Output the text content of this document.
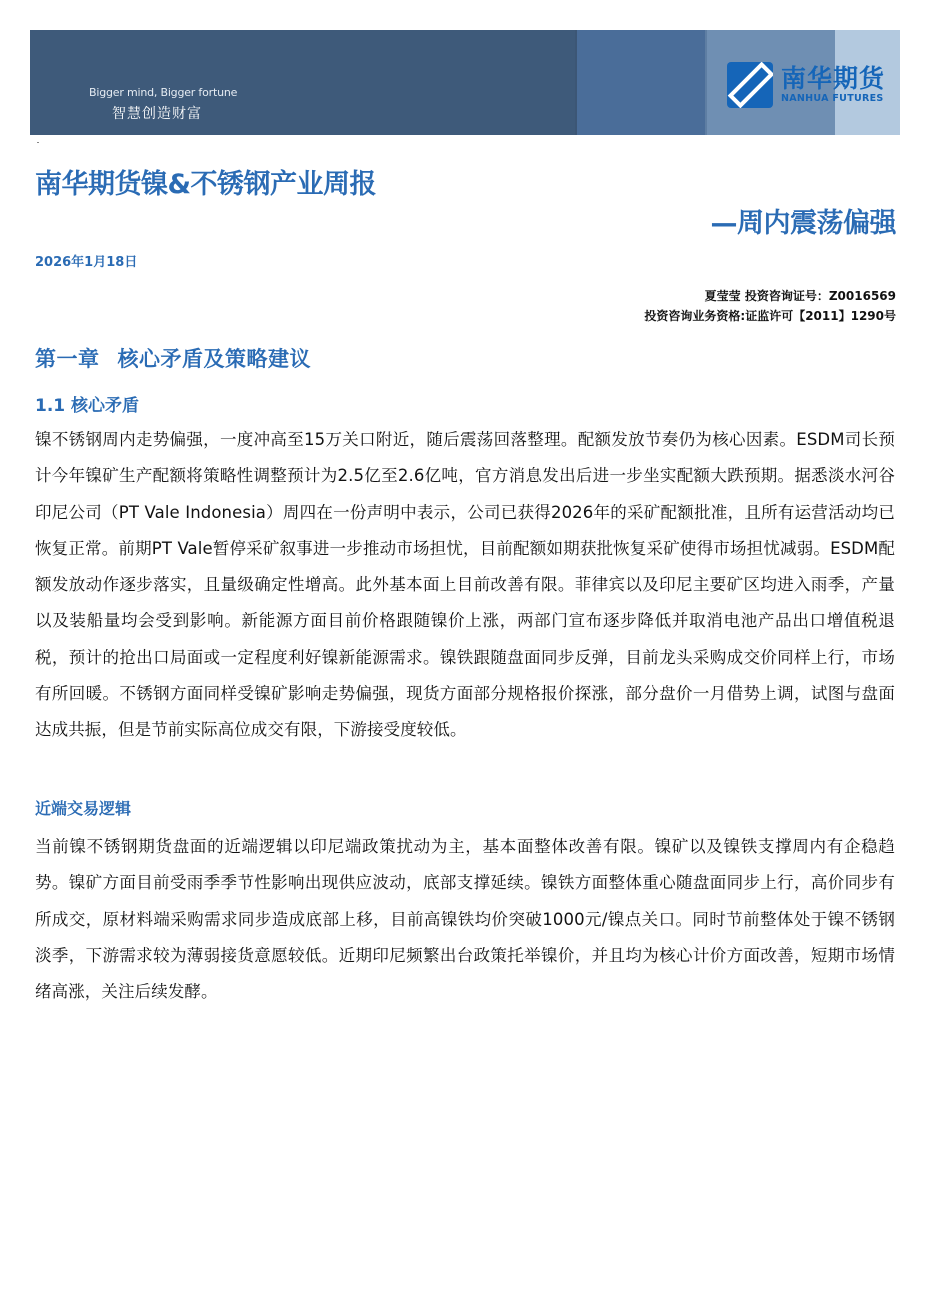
Bigger mind, Bigger fortune
智慧创造财富
南华期货
NANHUA FUTURES
南华期货镍&不锈钢产业周报
—周内震荡偏强
2026年1月18日
夏莹莹 投资咨询证号：Z0016569
投资咨询业务资格:证监许可【2011】1290号
第一章 核心矛盾及策略建议
1.1 核心矛盾
镍不锈钢周内走势偏强，一度冲高至15万关口附近，随后震荡回落整理。配额发放节奏仍为核心因素。ESDM司长预计今年镍矿生产配额将策略性调整预计为2.5亿至2.6亿吨，官方消息发出后进一步坐实配额大跌预期。据悉淡水河谷印尼公司（PT Vale Indonesia）周四在一份声明中表示，公司已获得2026年的采矿配额批准，且所有运营活动均已恢复正常。前期PT Vale暂停采矿叙事进一步推动市场担忧，目前配额如期获批恢复采矿使得市场担忧减弱。ESDM配额发放动作逐步落实，且量级确定性增高。此外基本面上目前改善有限。菲律宾以及印尼主要矿区均进入雨季，产量以及装船量均会受到影响。新能源方面目前价格跟随镍价上涨，两部门宣布逐步降低并取消电池产品出口增值税退税，预计的抢出口局面或一定程度利好镍新能源需求。镍铁跟随盘面同步反弹，目前龙头采购成交价同样上行，市场有所回暖。不锈钢方面同样受镍矿影响走势偏强，现货方面部分规格报价探涨，部分盘价一月借势上调，试图与盘面达成共振，但是节前实际高位成交有限，下游接受度较低。
近端交易逻辑
当前镍不锈钢期货盘面的近端逻辑以印尼端政策扰动为主，基本面整体改善有限。镍矿以及镍铁支撑周内有企稳趋势。镍矿方面目前受雨季季节性影响出现供应波动，底部支撑延续。镍铁方面整体重心随盘面同步上行，高价同步有所成交，原材料端采购需求同步造成底部上移，目前高镍铁均价突破1000元/镍点关口。同时节前整体处于镍不锈钢淡季，下游需求较为薄弱接货意愿较低。近期印尼频繁出台政策托举镍价，并且均为核心计价方面改善，短期市场情绪高涨，关注后续发酵。
